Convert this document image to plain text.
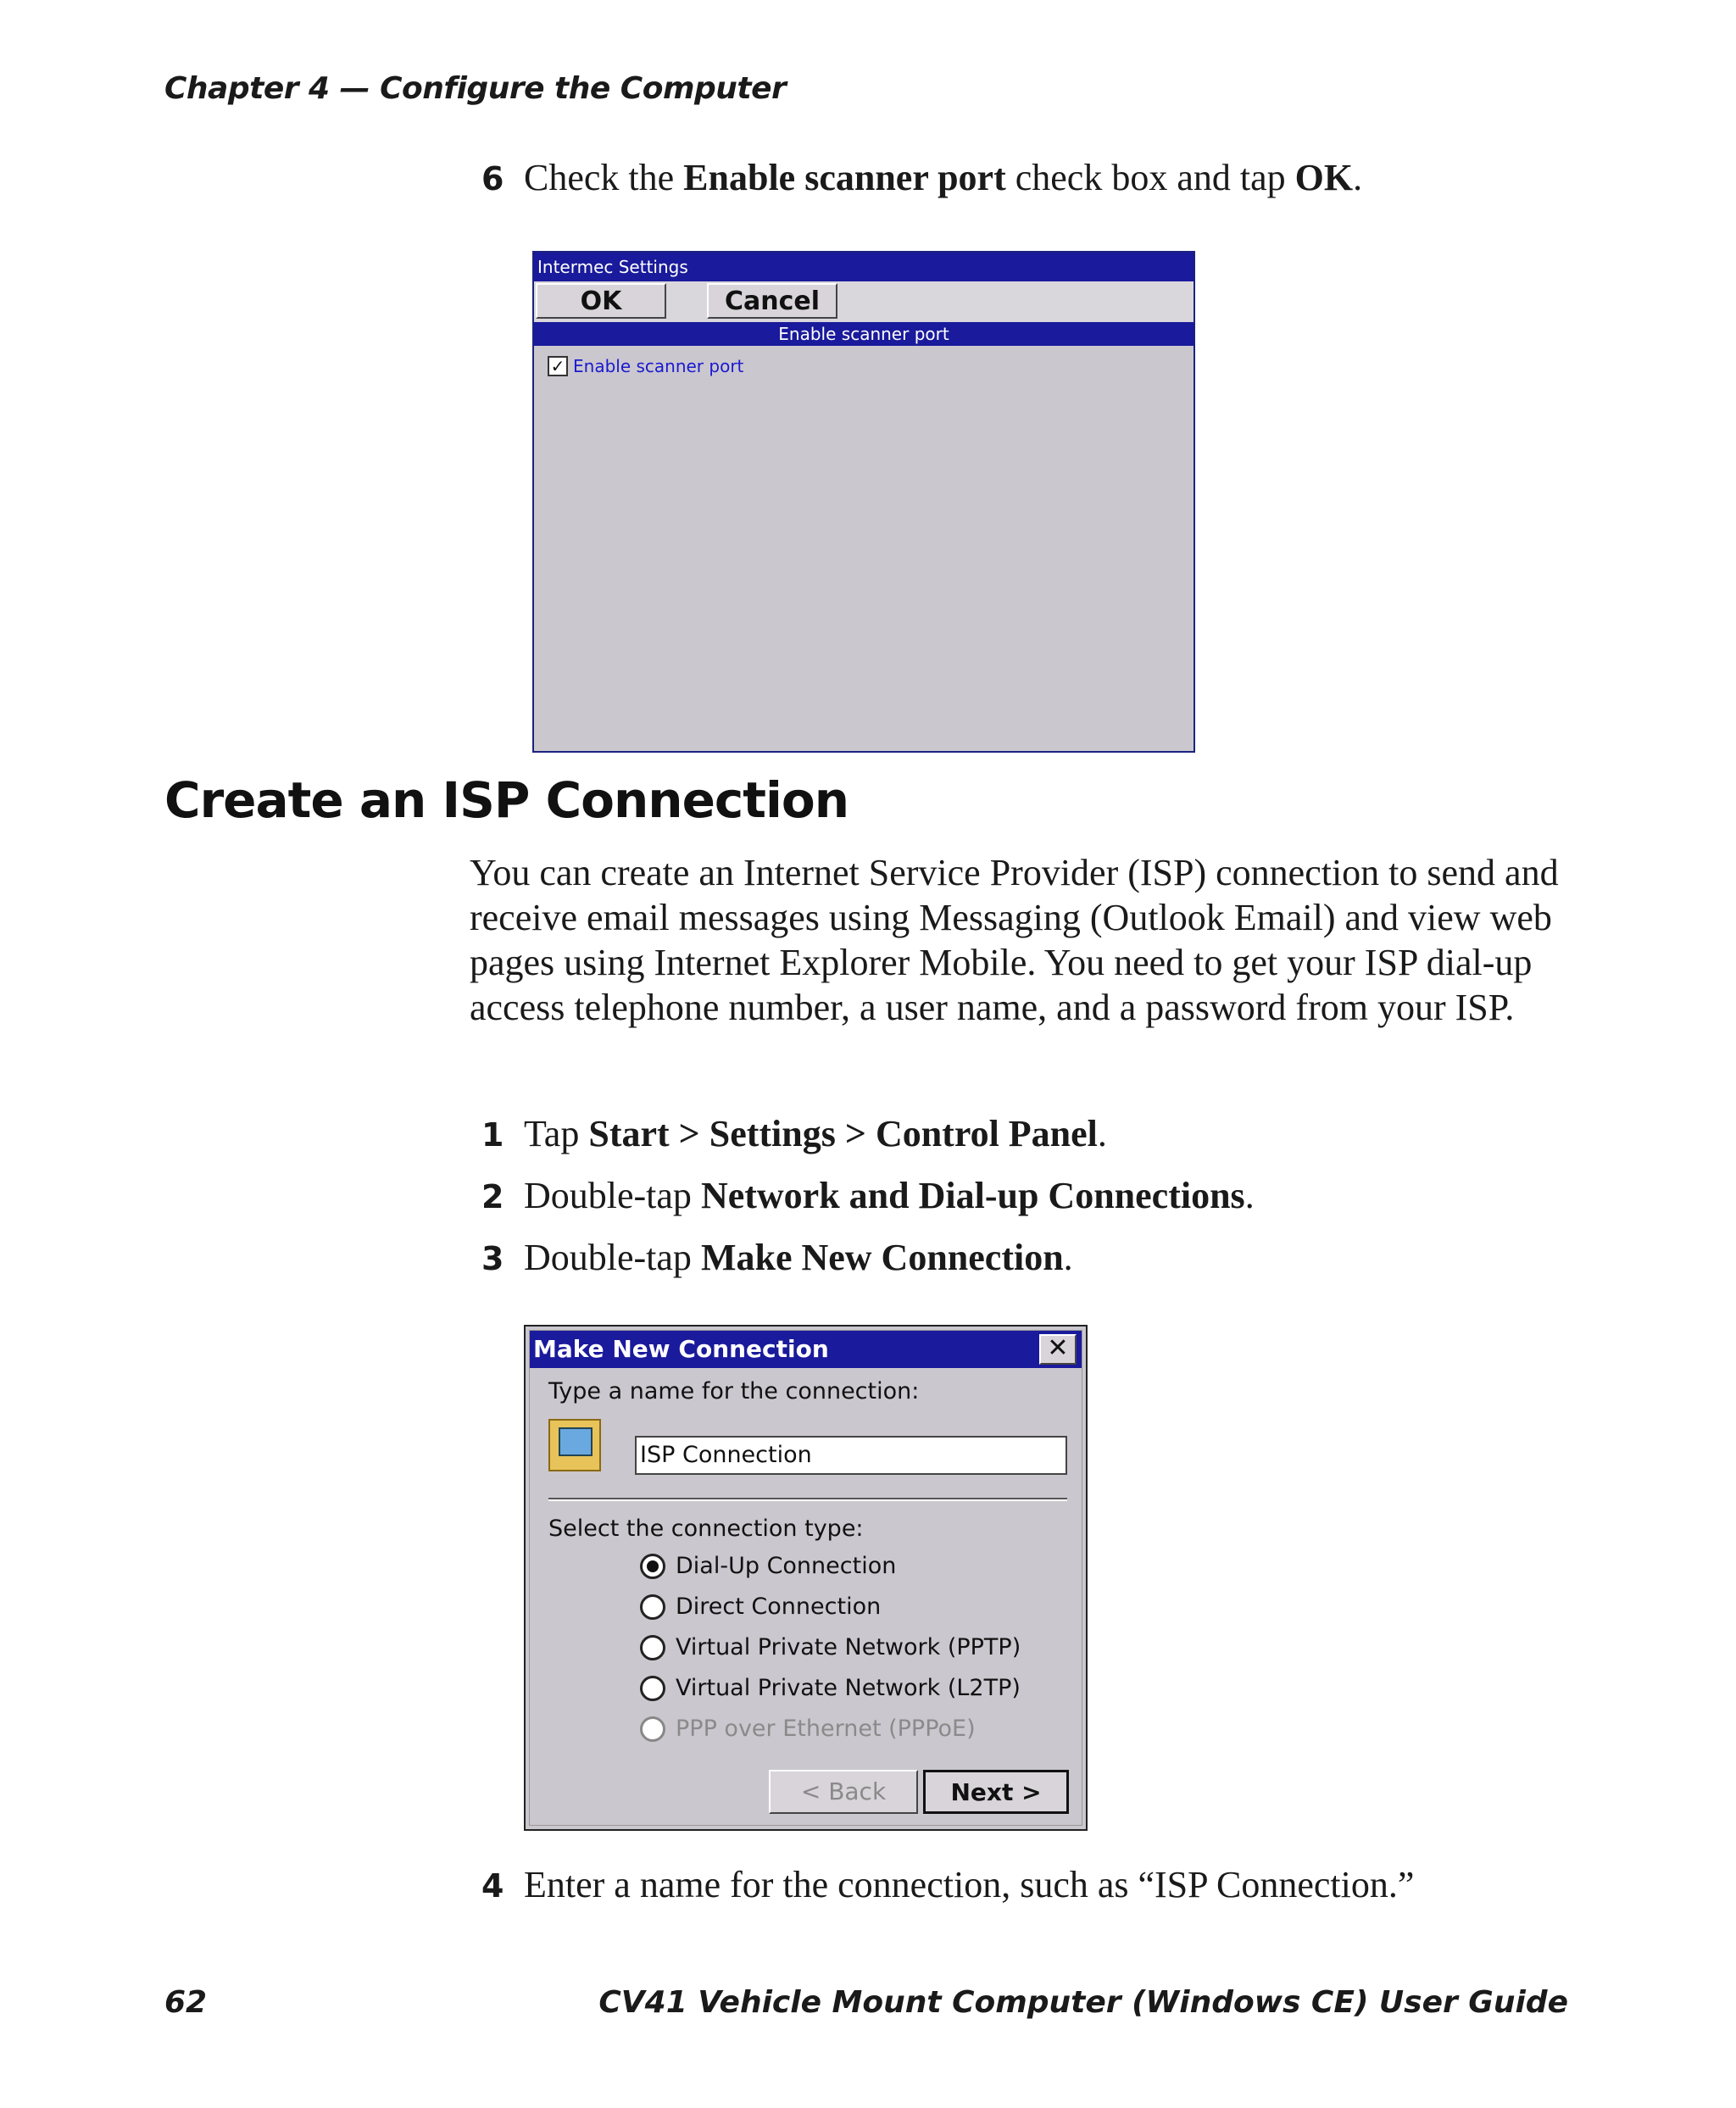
Chapter 4 — Configure the Computer
6 Check the Enable scanner port check box and tap OK.
Intermec Settings
OK	Cancel
Enable scanner port
✓ Enable scanner port
Create an ISP Connection

You can create an Internet Service Provider (ISP) connection to send and receive email messages using Messaging (Outlook Email) and view web pages using Internet Explorer Mobile. You need to get your ISP dial-up access telephone number, a user name, and a password from your ISP.

1 Tap Start > Settings > Control Panel.
2 Double-tap Network and Dial-up Connections.
3 Double-tap Make New Connection.
Make New Connection	✕
Type a name for the connection:
ISP Connection
Select the connection type:
Dial-Up Connection
Direct Connection
Virtual Private Network (PPTP)
Virtual Private Network (L2TP)
PPP over Ethernet (PPPoE)
< Back	Next >
4 Enter a name for the connection, such as “ISP Connection.”
62	CV41 Vehicle Mount Computer (Windows CE) User Guide
